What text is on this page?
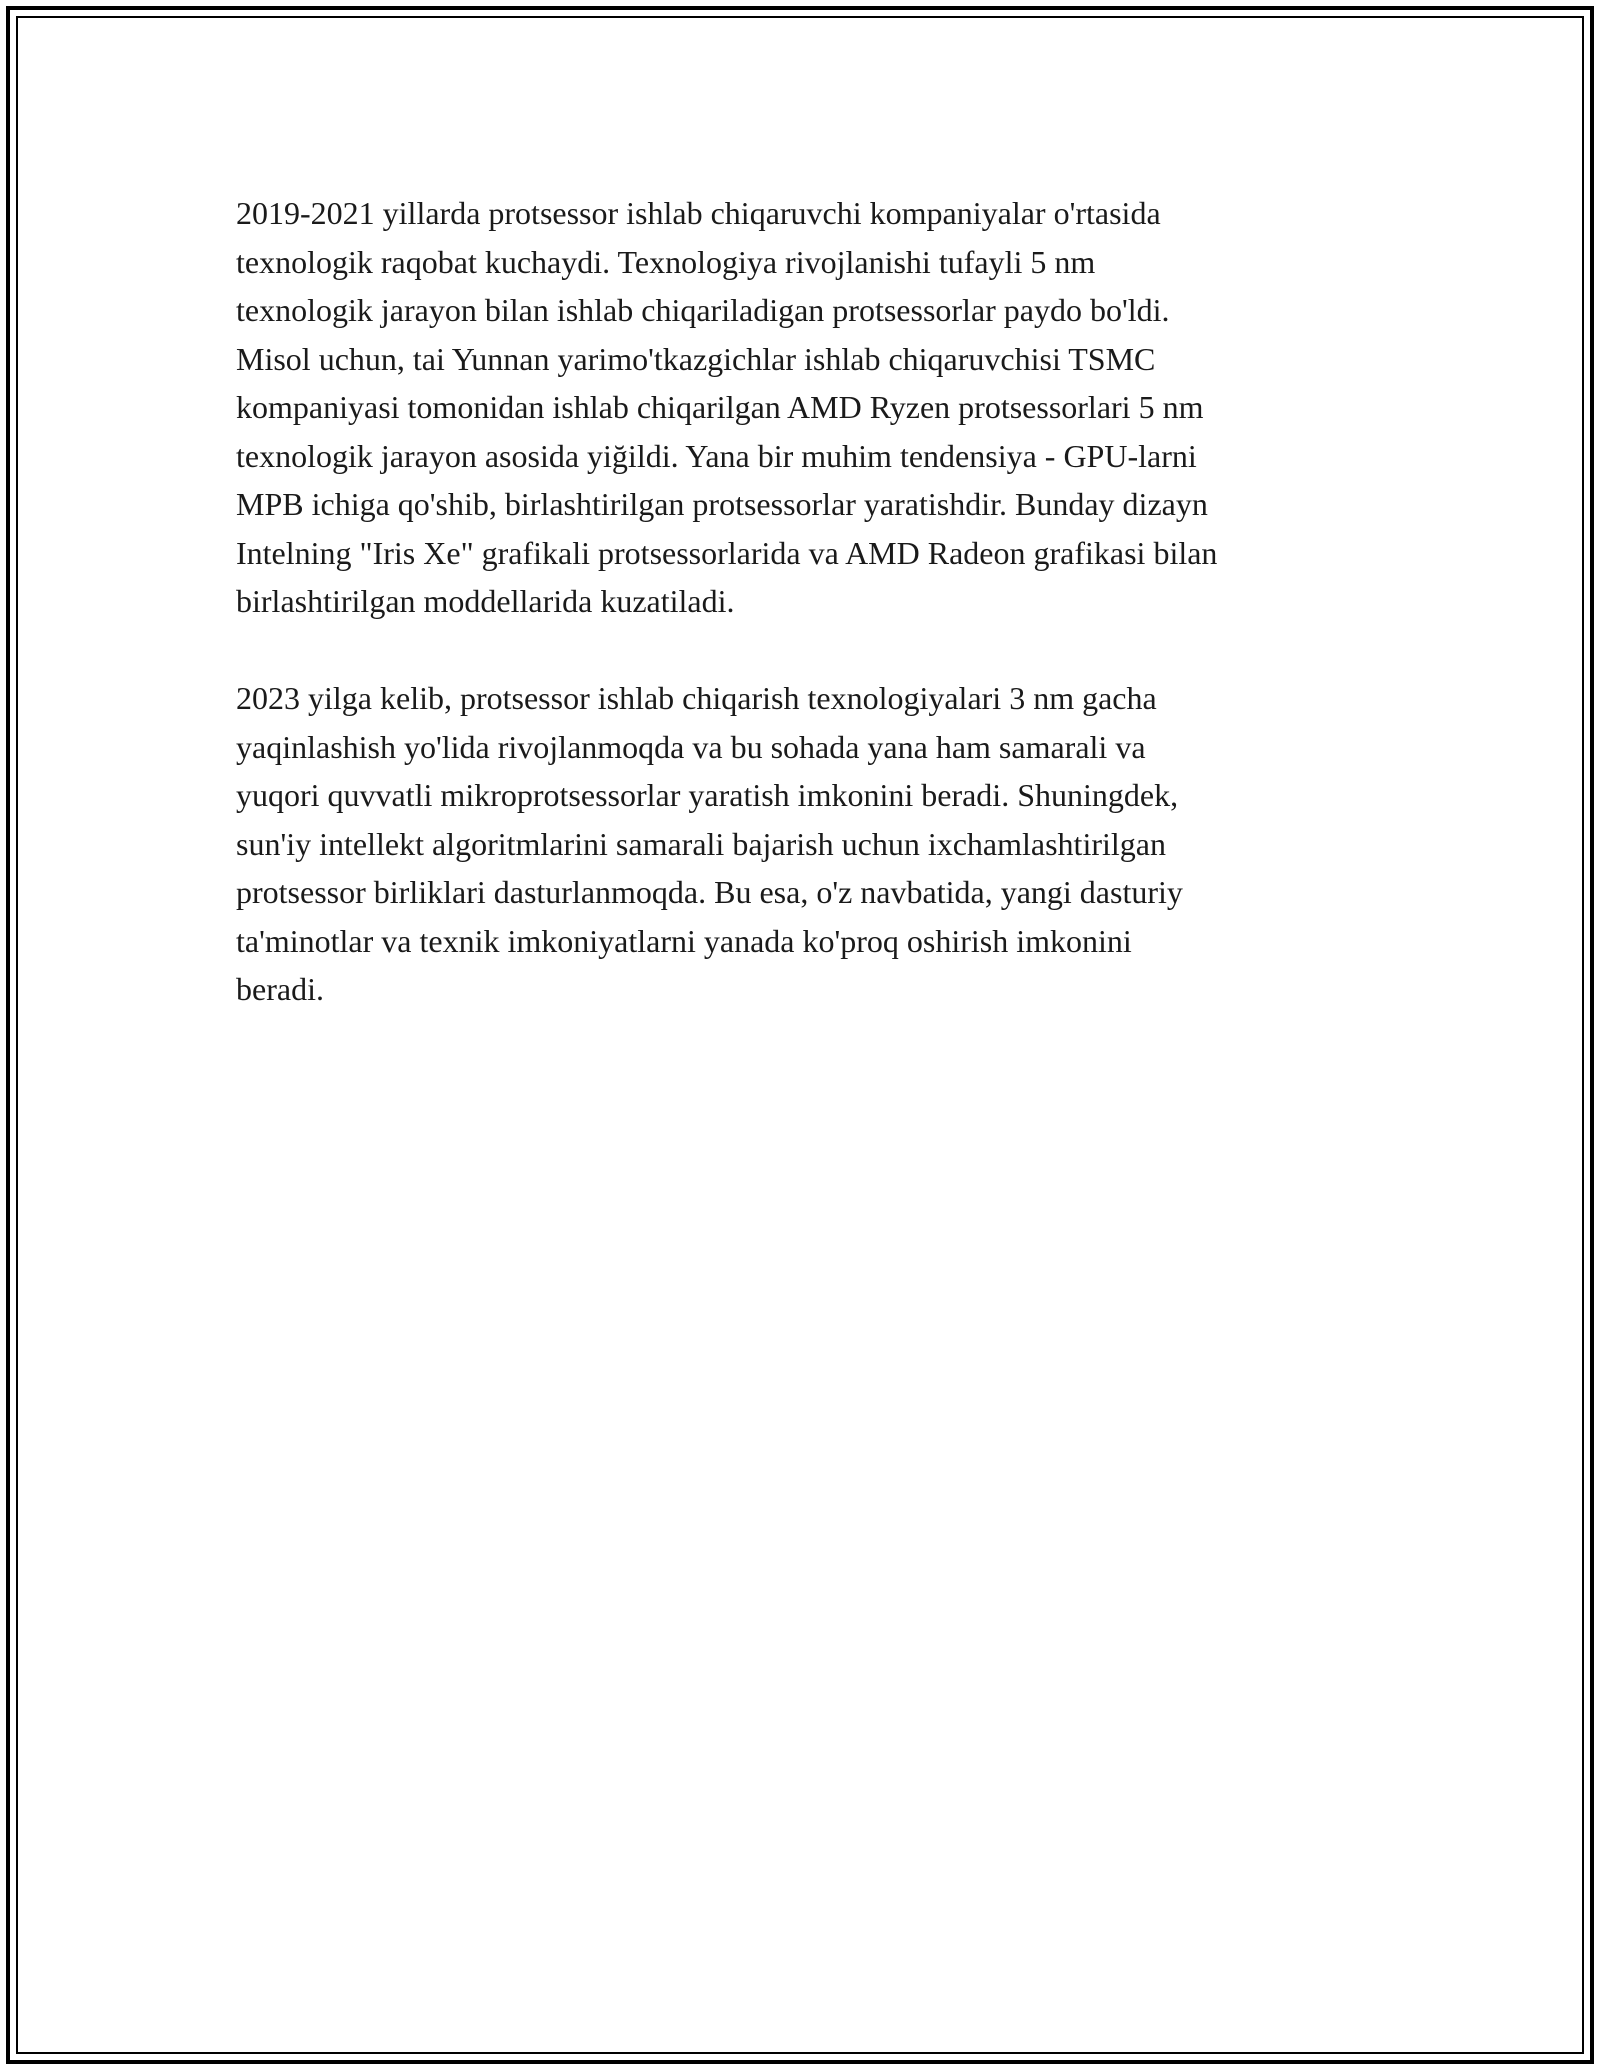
2019-2021 yillarda protsessor ishlab chiqaruvchi kompaniyalar o'rtasida
texnologik raqobat kuchaydi. Texnologiya rivojlanishi tufayli 5 nm
texnologik jarayon bilan ishlab chiqariladigan protsessorlar paydo bo'ldi.
Misol uchun, tai Yunnan yarimo'tkazgichlar ishlab chiqaruvchisi TSMC
kompaniyasi tomonidan ishlab chiqarilgan AMD Ryzen protsessorlari 5 nm
texnologik jarayon asosida yiğildi. Yana bir muhim tendensiya - GPU-larni
MPB ichiga qo'shib, birlashtirilgan protsessorlar yaratishdir. Bunday dizayn
Intelning "Iris Xe" grafikali protsessorlarida va AMD Radeon grafikasi bilan
birlashtirilgan moddellarida kuzatiladi.

2023 yilga kelib, protsessor ishlab chiqarish texnologiyalari 3 nm gacha
yaqinlashish yo'lida rivojlanmoqda va bu sohada yana ham samarali va
yuqori quvvatli mikroprotsessorlar yaratish imkonini beradi. Shuningdek,
sun'iy intellekt algoritmlarini samarali bajarish uchun ixchamlashtirilgan
protsessor birliklari dasturlanmoqda. Bu esa, o'z navbatida, yangi dasturiy
ta'minotlar va texnik imkoniyatlarni yanada ko'proq oshirish imkonini
beradi.
